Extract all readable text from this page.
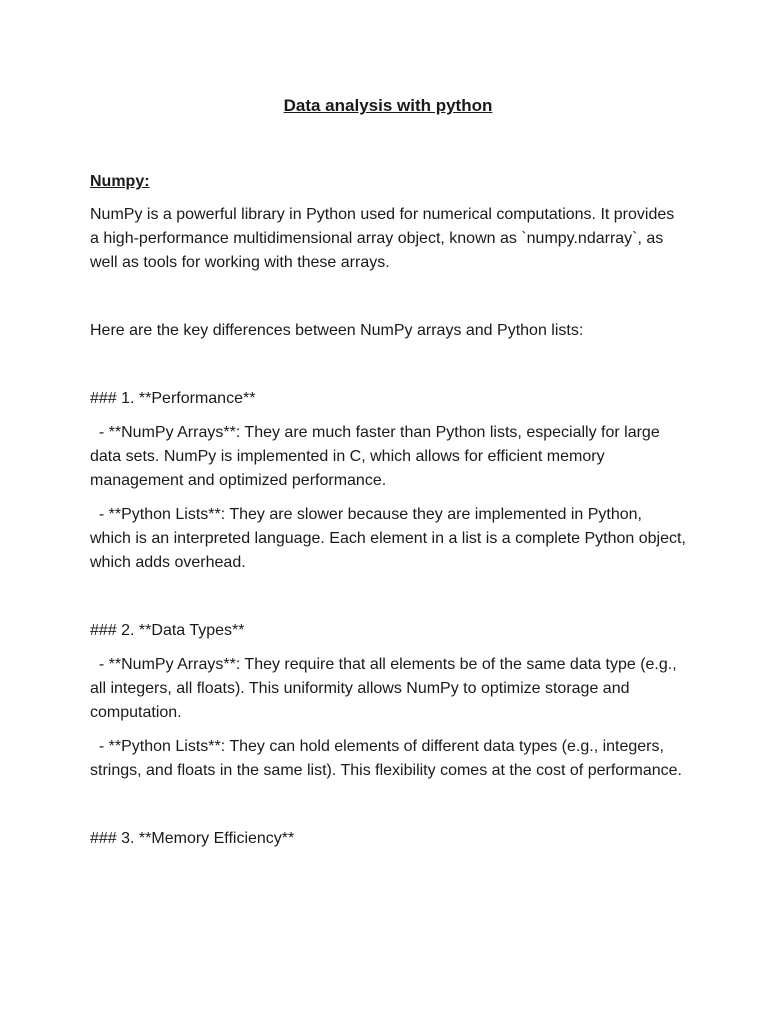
Data analysis with python

Numpy:

NumPy is a powerful library in Python used for numerical computations. It provides a high-performance multidimensional array object, known as `numpy.ndarray`, as well as tools for working with these arrays.

Here are the key differences between NumPy arrays and Python lists:

### 1. **Performance**

- **NumPy Arrays**: They are much faster than Python lists, especially for large data sets. NumPy is implemented in C, which allows for efficient memory management and optimized performance.

- **Python Lists**: They are slower because they are implemented in Python, which is an interpreted language. Each element in a list is a complete Python object, which adds overhead.

### 2. **Data Types**

- **NumPy Arrays**: They require that all elements be of the same data type (e.g., all integers, all floats). This uniformity allows NumPy to optimize storage and computation.

- **Python Lists**: They can hold elements of different data types (e.g., integers, strings, and floats in the same list). This flexibility comes at the cost of performance.

### 3. **Memory Efficiency**
